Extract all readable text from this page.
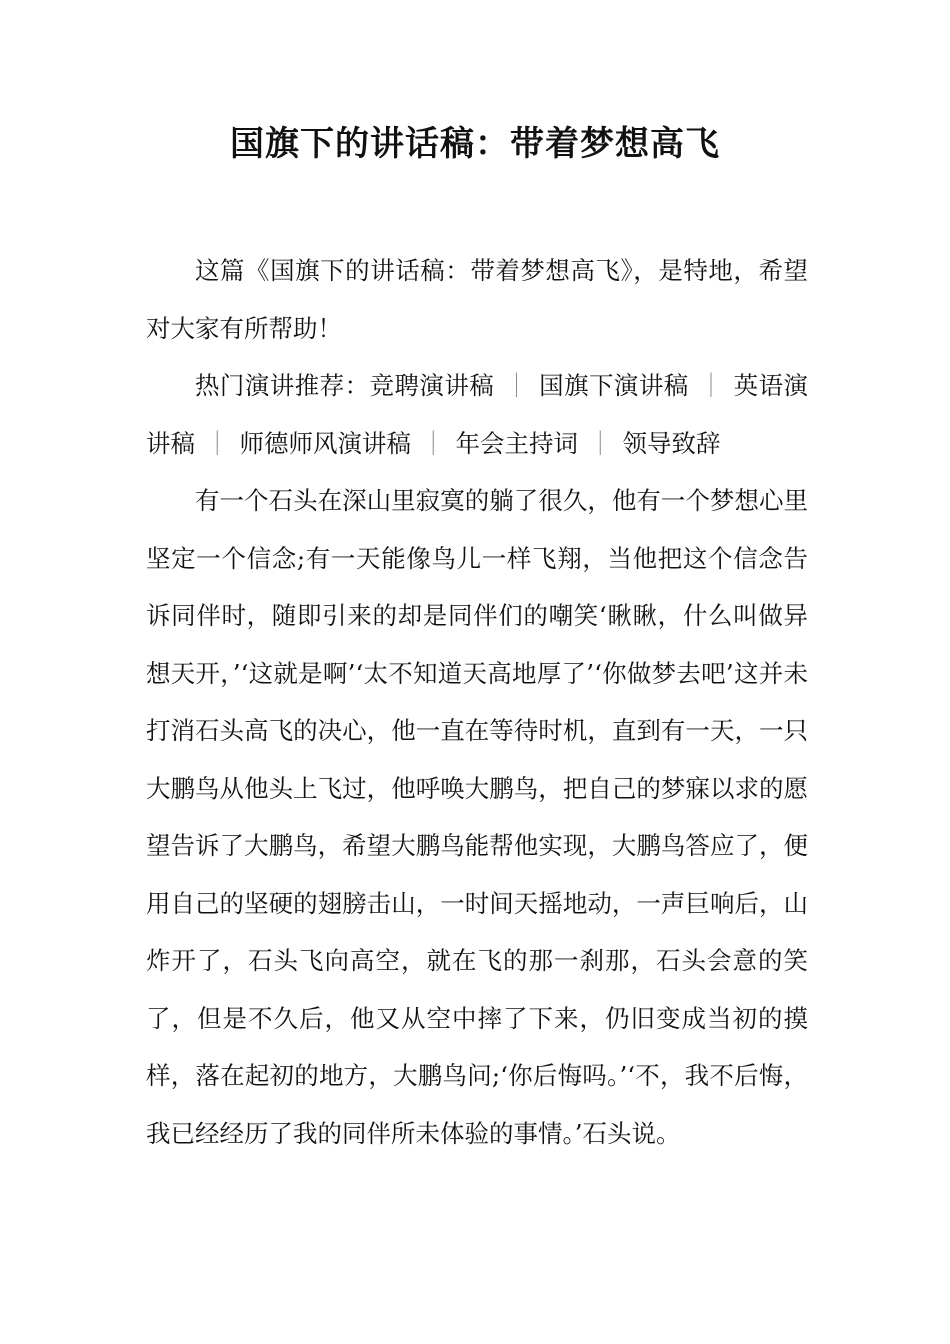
国旗下的讲话稿：带着梦想高飞

这篇《国旗下的讲话稿：带着梦想高飞》，是特地，希望对大家有所帮助！

热门演讲推荐：竞聘演讲稿 ｜ 国旗下演讲稿 ｜ 英语演讲稿 ｜ 师德师风演讲稿 ｜ 年会主持词 ｜ 领导致辞

有一个石头在深山里寂寞的躺了很久，他有一个梦想心里坚定一个信念;有一天能像鸟儿一样飞翔，当他把这个信念告诉同伴时，随即引来的却是同伴们的嘲笑‘瞅瞅，什么叫做异想天开，’‘这就是啊’‘太不知道天高地厚了’‘你做梦去吧’这并未打消石头高飞的决心，他一直在等待时机，直到有一天，一只大鹏鸟从他头上飞过，他呼唤大鹏鸟，把自己的梦寐以求的愿望告诉了大鹏鸟，希望大鹏鸟能帮他实现，大鹏鸟答应了，便用自己的坚硬的翅膀击山，一时间天摇地动，一声巨响后，山炸开了，石头飞向高空，就在飞的那一刹那，石头会意的笑了，但是不久后，他又从空中摔了下来，仍旧变成当初的摸样，落在起初的地方，大鹏鸟问;‘你后悔吗。’‘不，我不后悔，我已经经历了我的同伴所未体验的事情。’石头说。
